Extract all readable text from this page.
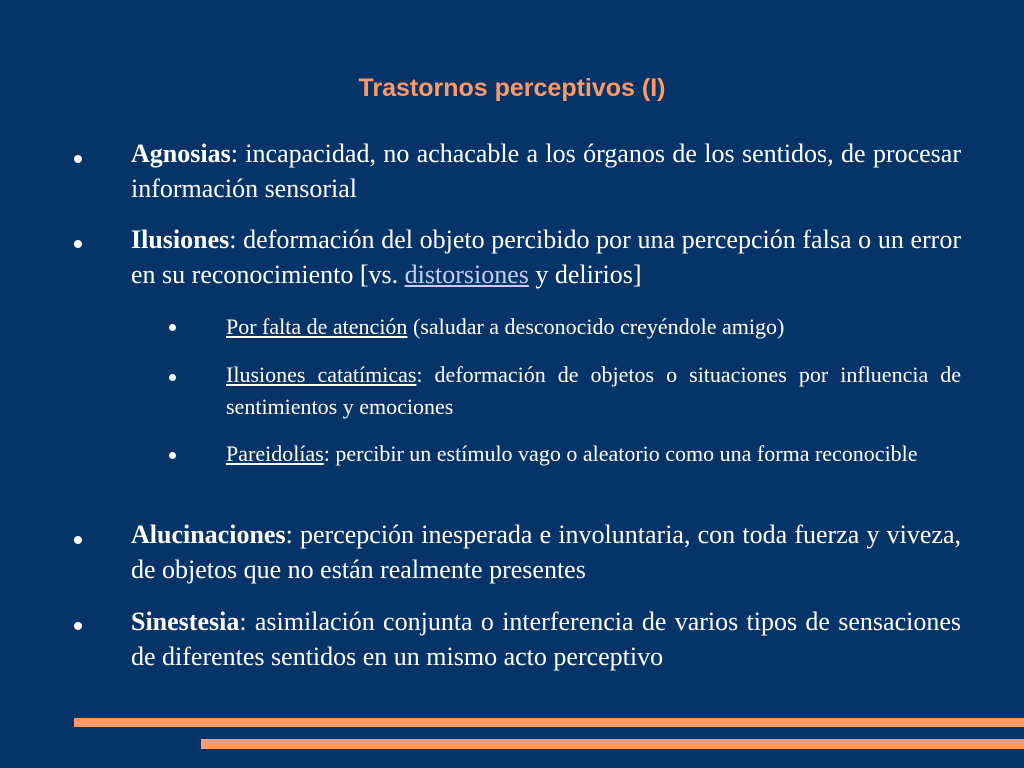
Trastornos perceptivos (I)
Agnosias: incapacidad, no achacable a los órganos de los sentidos, de procesar información sensorial
Ilusiones: deformación del objeto percibido por una percepción falsa o un error en su reconocimiento [vs. distorsiones y delirios]
Por falta de atención (saludar a desconocido creyéndole amigo)
Ilusiones catatímicas: deformación de objetos o situaciones por influencia de sentimientos y emociones
Pareidolías: percibir un estímulo vago o aleatorio como una forma reconocible
Alucinaciones: percepción inesperada e involuntaria, con toda fuerza y viveza, de objetos que no están realmente presentes
Sinestesia: asimilación conjunta o interferencia de varios tipos de sensaciones de diferentes sentidos en un mismo acto perceptivo
